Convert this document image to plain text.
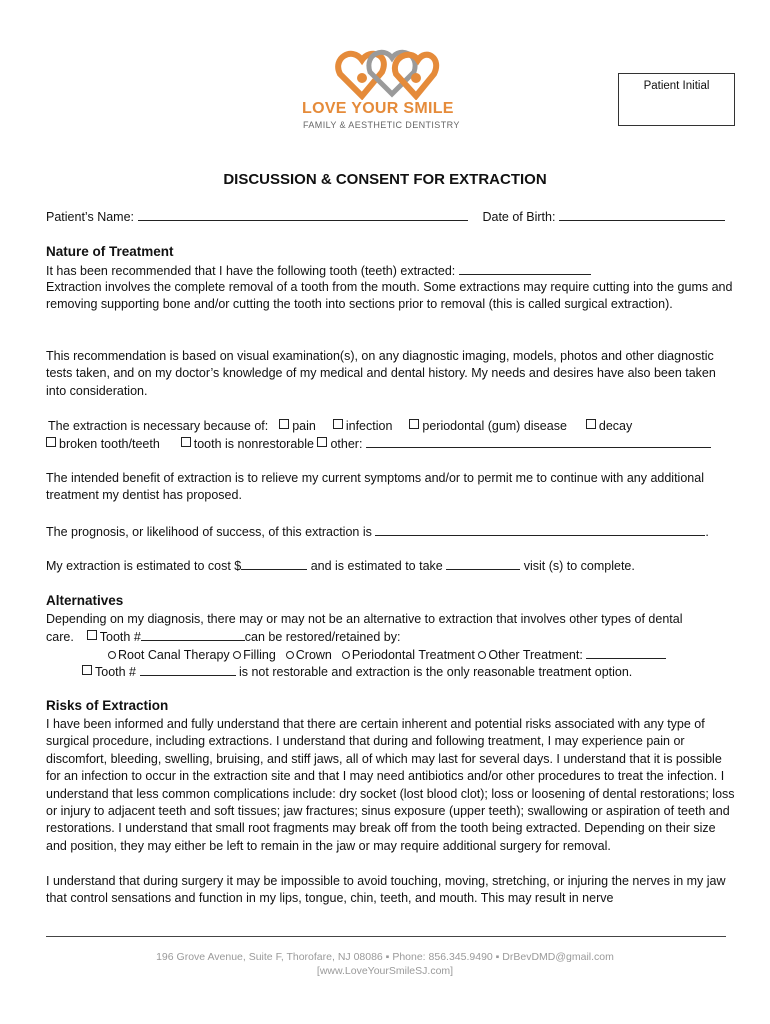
LOVE YOUR SMILE
FAMILY & AESTHETIC DENTISTRY
Patient Initial
DISCUSSION & CONSENT FOR EXTRACTION
Patient’s Name:	Date of Birth:
Nature of Treatment
It has been recommended that I have the following tooth (teeth) extracted:

Extraction involves the complete removal of a tooth from the mouth. Some extractions may require cutting into the gums and removing supporting bone and/or cutting the tooth into sections prior to removal (this is called surgical extraction).

This recommendation is based on visual examination(s), on any diagnostic imaging, models, photos and other diagnostic tests taken, and on my doctor’s knowledge of my medical and dental history. My needs and desires have also been taken into consideration.

The extraction is necessary because of: pain infection periodontal (gum) disease	decay
broken tooth/teeth	tooth is nonrestorable other:

The intended benefit of extraction is to relieve my current symptoms and/or to permit me to continue with any additional treatment my dentist has proposed.

The prognosis, or likelihood of success, of this extraction is	.
My extraction is estimated to cost $	and is estimated to take	visit (s) to complete.
Alternatives
Depending on my diagnosis, there may or may not be an alternative to extraction that involves other types of dental
care. Tooth #	can be restored/retained by:
Root Canal Therapy Filling Crown Periodontal Treatment Other Treatment:
Tooth #	is not restorable and extraction is the only reasonable treatment option.
Risks of Extraction

I have been informed and fully understand that there are certain inherent and potential risks associated with any type of surgical procedure, including extractions. I understand that during and following treatment, I may experience pain or discomfort, bleeding, swelling, bruising, and stiff jaws, all of which may last for several days. I understand that it is possible for an infection to occur in the extraction site and that I may need antibiotics and/or other procedures to treat the infection. I understand that less common complications include: dry socket (lost blood clot); loss or loosening of dental restorations; loss or injury to adjacent teeth and soft tissues; jaw fractures; sinus exposure (upper teeth); swallowing or aspiration of teeth and restorations. I understand that small root fragments may break off from the tooth being extracted. Depending on their size and position, they may either be left to remain in the jaw or may require additional surgery for removal.

I understand that during surgery it may be impossible to avoid touching, moving, stretching, or injuring the nerves in my jaw that control sensations and function in my lips, tongue, chin, teeth, and mouth. This may result in nerve

196 Grove Avenue, Suite F, Thorofare, NJ 08086 ▪ Phone: 856.345.9490 ▪ DrBevDMD@gmail.com
[www.LoveYourSmileSJ.com]
